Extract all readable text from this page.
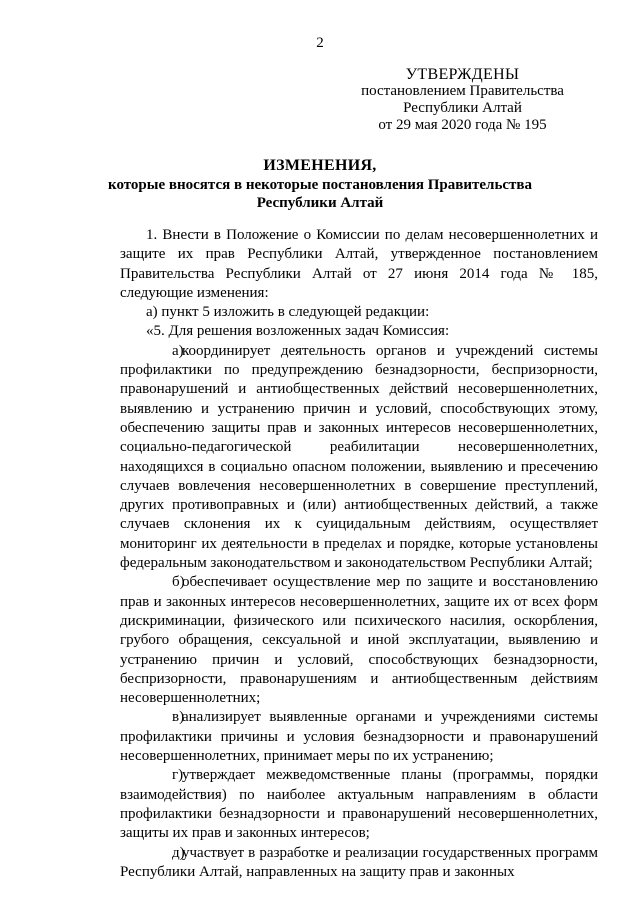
2
УТВЕРЖДЕНЫ
постановлением Правительства
Республики Алтай
от 29 мая 2020 года № 195
ИЗМЕНЕНИЯ,
которые вносятся в некоторые постановления Правительства
Республики Алтай

1. Внести в Положение о Комиссии по делам несовершеннолетних и защите их прав Республики Алтай, утвержденное постановлением Правительства Республики Алтай от 27 июня 2014 года № 185, следующие изменения:

а) пункт 5 изложить в следующей редакции:

«5. Для решения возложенных задач Комиссия:

а)координирует деятельность органов и учреждений системы профилактики по предупреждению безнадзорности, беспризорности, правонарушений и антиобщественных действий несовершеннолетних, выявлению и устранению причин и условий, способствующих этому, обеспечению защиты прав и законных интересов несовершеннолетних, социально-педагогической реабилитации несовершеннолетних, находящихся в социально опасном положении, выявлению и пресечению случаев вовлечения несовершеннолетних в совершение преступлений, других противоправных и (или) антиобщественных действий, а также случаев склонения их к суицидальным действиям, осуществляет мониторинг их деятельности в пределах и порядке, которые установлены федеральным законодательством и законодательством Республики Алтай;

б)обеспечивает осуществление мер по защите и восстановлению прав и законных интересов несовершеннолетних, защите их от всех форм дискриминации, физического или психического насилия, оскорбления, грубого обращения, сексуальной и иной эксплуатации, выявлению и устранению причин и условий, способствующих безнадзорности, беспризорности, правонарушениям и антиобщественным действиям несовершеннолетних;

в)анализирует выявленные органами и учреждениями системы профилактики причины и условия безнадзорности и правонарушений несовершеннолетних, принимает меры по их устранению;

г)утверждает межведомственные планы (программы, порядки взаимодействия) по наиболее актуальным направлениям в области профилактики безнадзорности и правонарушений несовершеннолетних, защиты их прав и законных интересов;

д)участвует в разработке и реализации государственных программ Республики Алтай, направленных на защиту прав и законных
